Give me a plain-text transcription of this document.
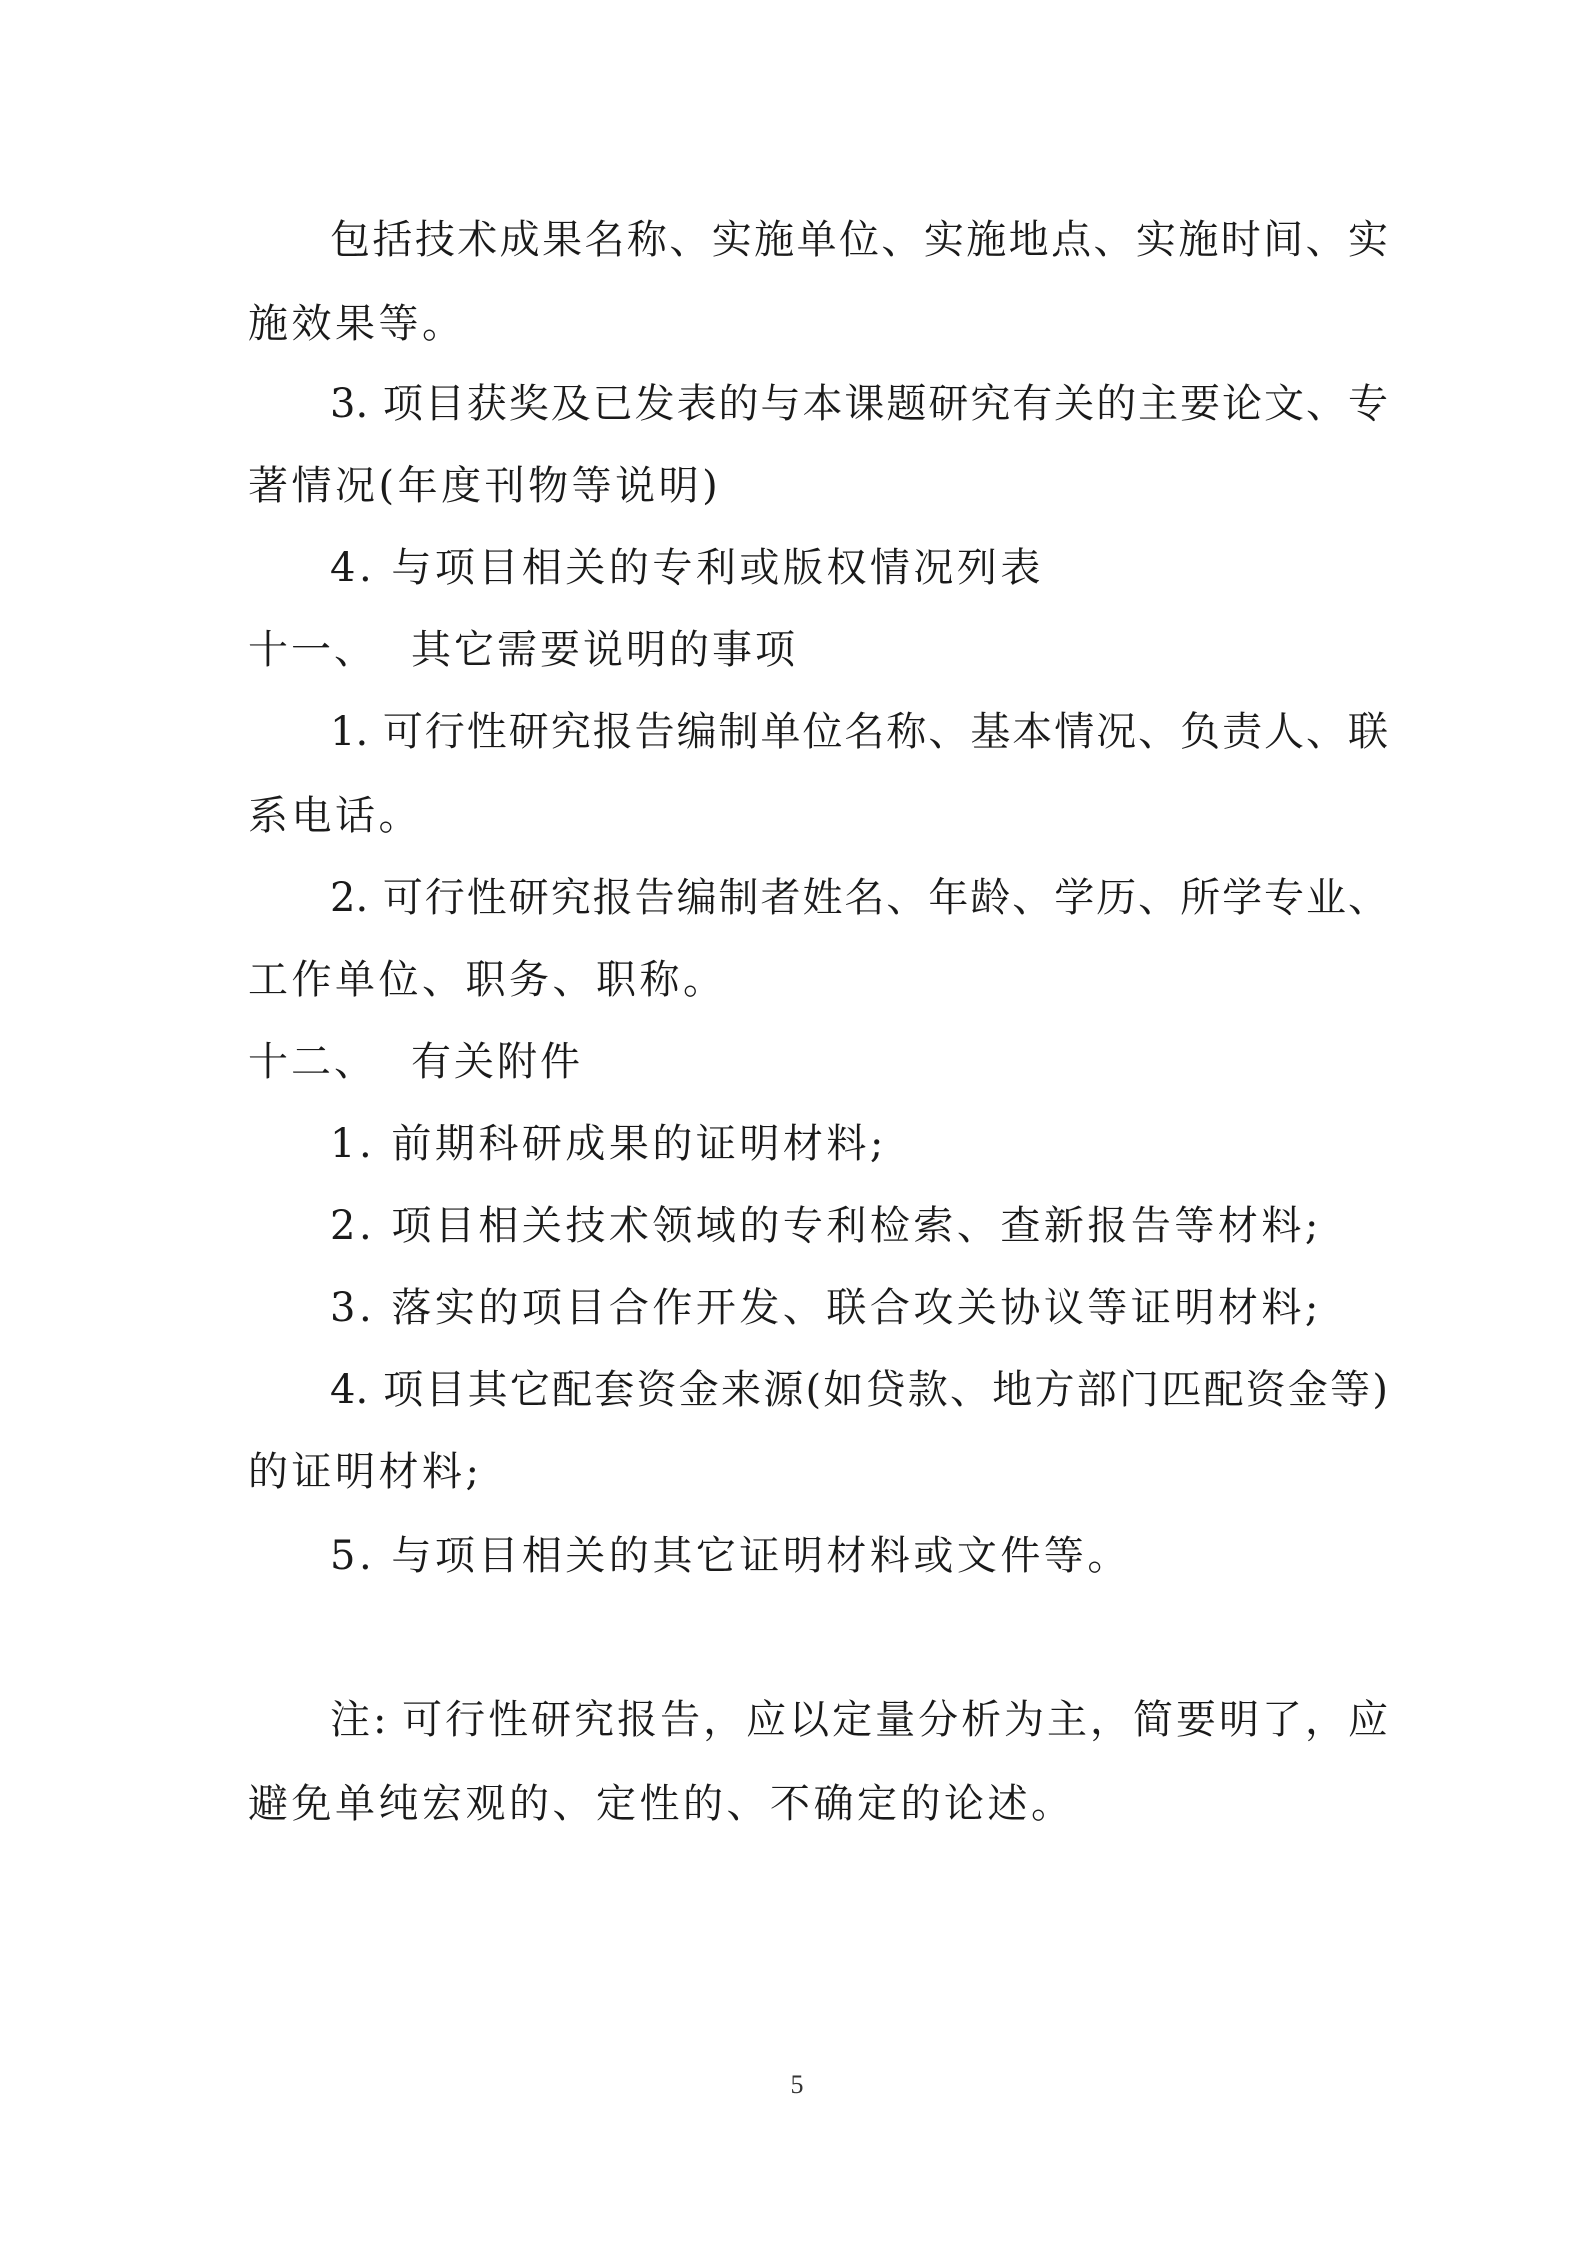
包括技术成果名称、实施单位、实施地点、实施时间、实
施效果等。
3. 项目获奖及已发表的与本课题研究有关的主要论文、专
著情况(年度刊物等说明)
4. 与项目相关的专利或版权情况列表
十一、 其它需要说明的事项
1. 可行性研究报告编制单位名称、基本情况、负责人、联
系电话。
2. 可行性研究报告编制者姓名、年龄、学历、所学专业、
工作单位、职务、职称。
十二、 有关附件
1. 前期科研成果的证明材料;
2. 项目相关技术领域的专利检索、查新报告等材料;
3. 落实的项目合作开发、联合攻关协议等证明材料;
4. 项目其它配套资金来源(如贷款、地方部门匹配资金等)
的证明材料;
5. 与项目相关的其它证明材料或文件等。
注: 可行性研究报告，应以定量分析为主，简要明了，应
避免单纯宏观的、定性的、不确定的论述。
5
